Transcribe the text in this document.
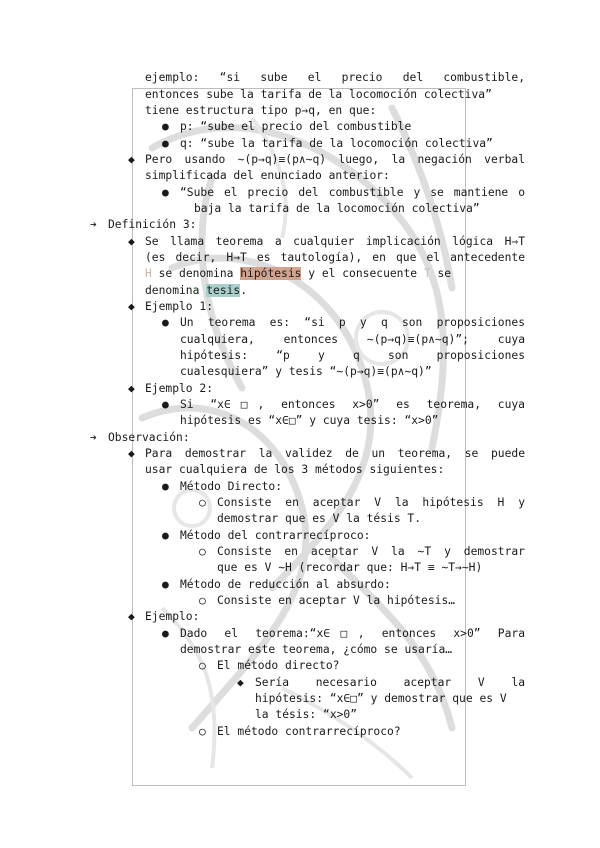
ejemplo: “si sube el precio del combustible,
entonces sube la tarifa de la locomoción colectiva”
tiene estructura tipo p→q, en que:
● p: “sube el precio del combustible
● q: “sube la tarifa de la locomoción colectiva”
◆ Pero usando ∼(p→q)≡(p∧∼q) luego, la negación verbal
simplificada del enunciado anterior:
● “Sube el precio del combustible y se mantiene o
baja la tarifa de la locomoción colectiva”
➔ Definición 3:
◆ Se llama teorema a cualquier implicación lógica H⇒T
(es decir, H→T es tautología), en que el antecedente
H se denomina hipótesis y el consecuente T se
denomina tesis.
◆ Ejemplo 1:
● Un teorema es: “si p y q son proposiciones
cualquiera, entonces ∼(p→q)≡(p∧∼q)”; cuya
hipótesis: “p y q son proposiciones
cualesquiera” y tesis “∼(p→q)≡(p∧∼q)”
◆ Ejemplo 2:
● Si “x∈□, entonces x>0” es teorema, cuya
hipótesis es “x∈□” y cuya tesis: “x>0”
➔ Observación:
◆ Para demostrar la validez de un teorema, se puede
usar cualquiera de los 3 métodos siguientes:
● Método Directo:
○ Consiste en aceptar V la hipótesis H y
demostrar que es V la tésis T.
● Método del contrarrecíproco:
○ Consiste en aceptar V la ∼T y demostrar
que es V ∼H (recordar que: H→T ≡ ∼T→∼H)
● Método de reducción al absurdo:
○ Consiste en aceptar V la hipótesis…
◆ Ejemplo:
● Dado el teorema:“x∈□, entonces x>0” Para
demostrar este teorema, ¿cómo se usaría…
○ El método directo?
◆ Sería necesario aceptar V la
hipótesis: “x∈□” y demostrar que es V
la tésis: “x>0”
○ El método contrarrecíproco?
